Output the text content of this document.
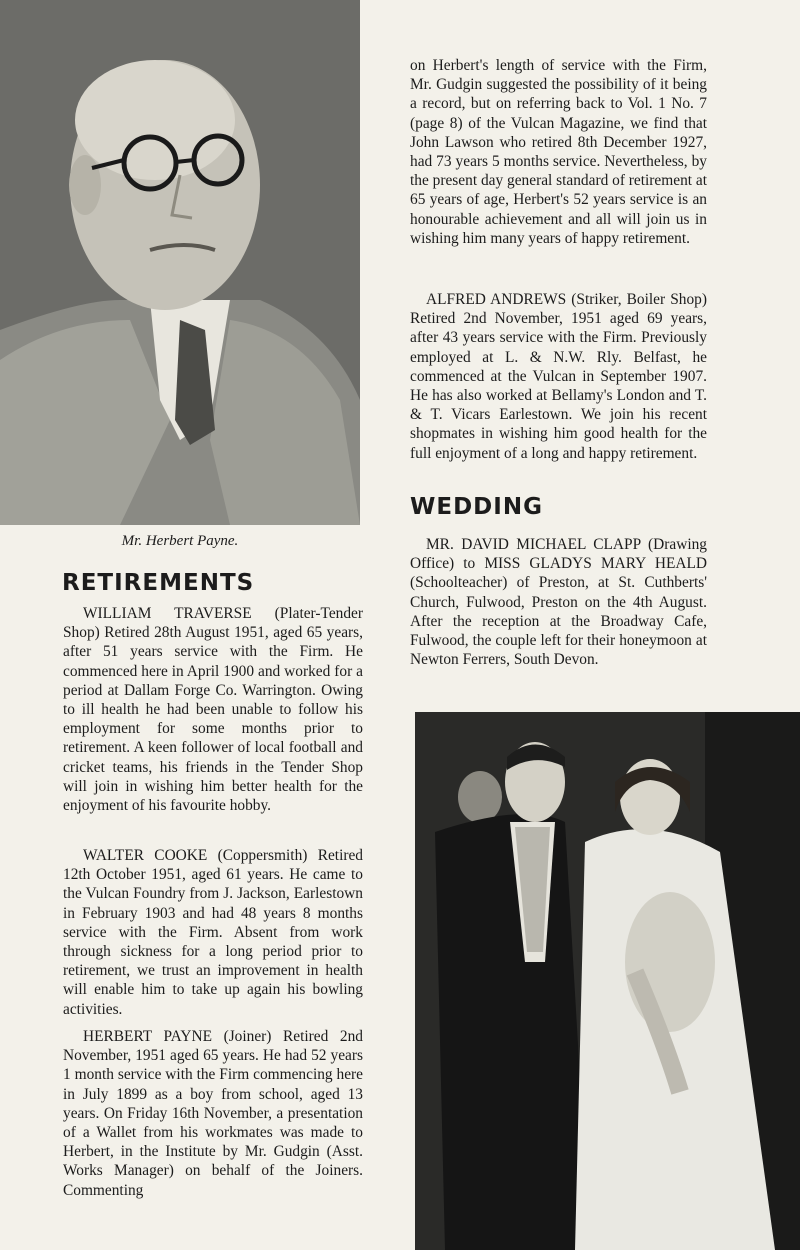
Mr. Herbert Payne.
RETIREMENTS

WILLIAM TRAVERSE (Plater-Tender Shop) Retired 28th August 1951, aged 65 years, after 51 years service with the Firm. He commenced here in April 1900 and worked for a period at Dallam Forge Co. Warrington. Owing to ill health he had been unable to follow his employment for some months prior to retirement. A keen follower of local football and cricket teams, his friends in the Tender Shop will join in wishing him better health for the enjoyment of his favourite hobby.

WALTER COOKE (Coppersmith) Retired 12th October 1951, aged 61 years. He came to the Vulcan Foundry from J. Jackson, Earlestown in February 1903 and had 48 years 8 months service with the Firm. Absent from work through sickness for a long period prior to retirement, we trust an improvement in health will enable him to take up again his bowling activities.

HERBERT PAYNE (Joiner) Retired 2nd November, 1951 aged 65 years. He had 52 years 1 month service with the Firm commencing here in July 1899 as a boy from school, aged 13 years. On Friday 16th November, a presentation of a Wallet from his workmates was made to Herbert, in the Institute by Mr. Gudgin (Asst. Works Manager) on behalf of the Joiners. Commenting

on Herbert's length of service with the Firm, Mr. Gudgin suggested the possibility of it being a record, but on referring back to Vol. 1 No. 7 (page 8) of the Vulcan Magazine, we find that John Lawson who retired 8th December 1927, had 73 years 5 months service. Nevertheless, by the present day general standard of retirement at 65 years of age, Herbert's 52 years service is an honourable achievement and all will join us in wishing him many years of happy retirement.

ALFRED ANDREWS (Striker, Boiler Shop) Retired 2nd November, 1951 aged 69 years, after 43 years service with the Firm. Previously employed at L. & N.W. Rly. Belfast, he commenced at the Vulcan in September 1907. He has also worked at Bellamy's London and T. & T. Vicars Earlestown. We join his recent shopmates in wishing him good health for the full enjoyment of a long and happy retirement.

WEDDING

MR. DAVID MICHAEL CLAPP (Drawing Office) to MISS GLADYS MARY HEALD (Schoolteacher) of Preston, at St. Cuthberts' Church, Fulwood, Preston on the 4th August. After the reception at the Broadway Cafe, Fulwood, the couple left for their honeymoon at Newton Ferrers, South Devon.
